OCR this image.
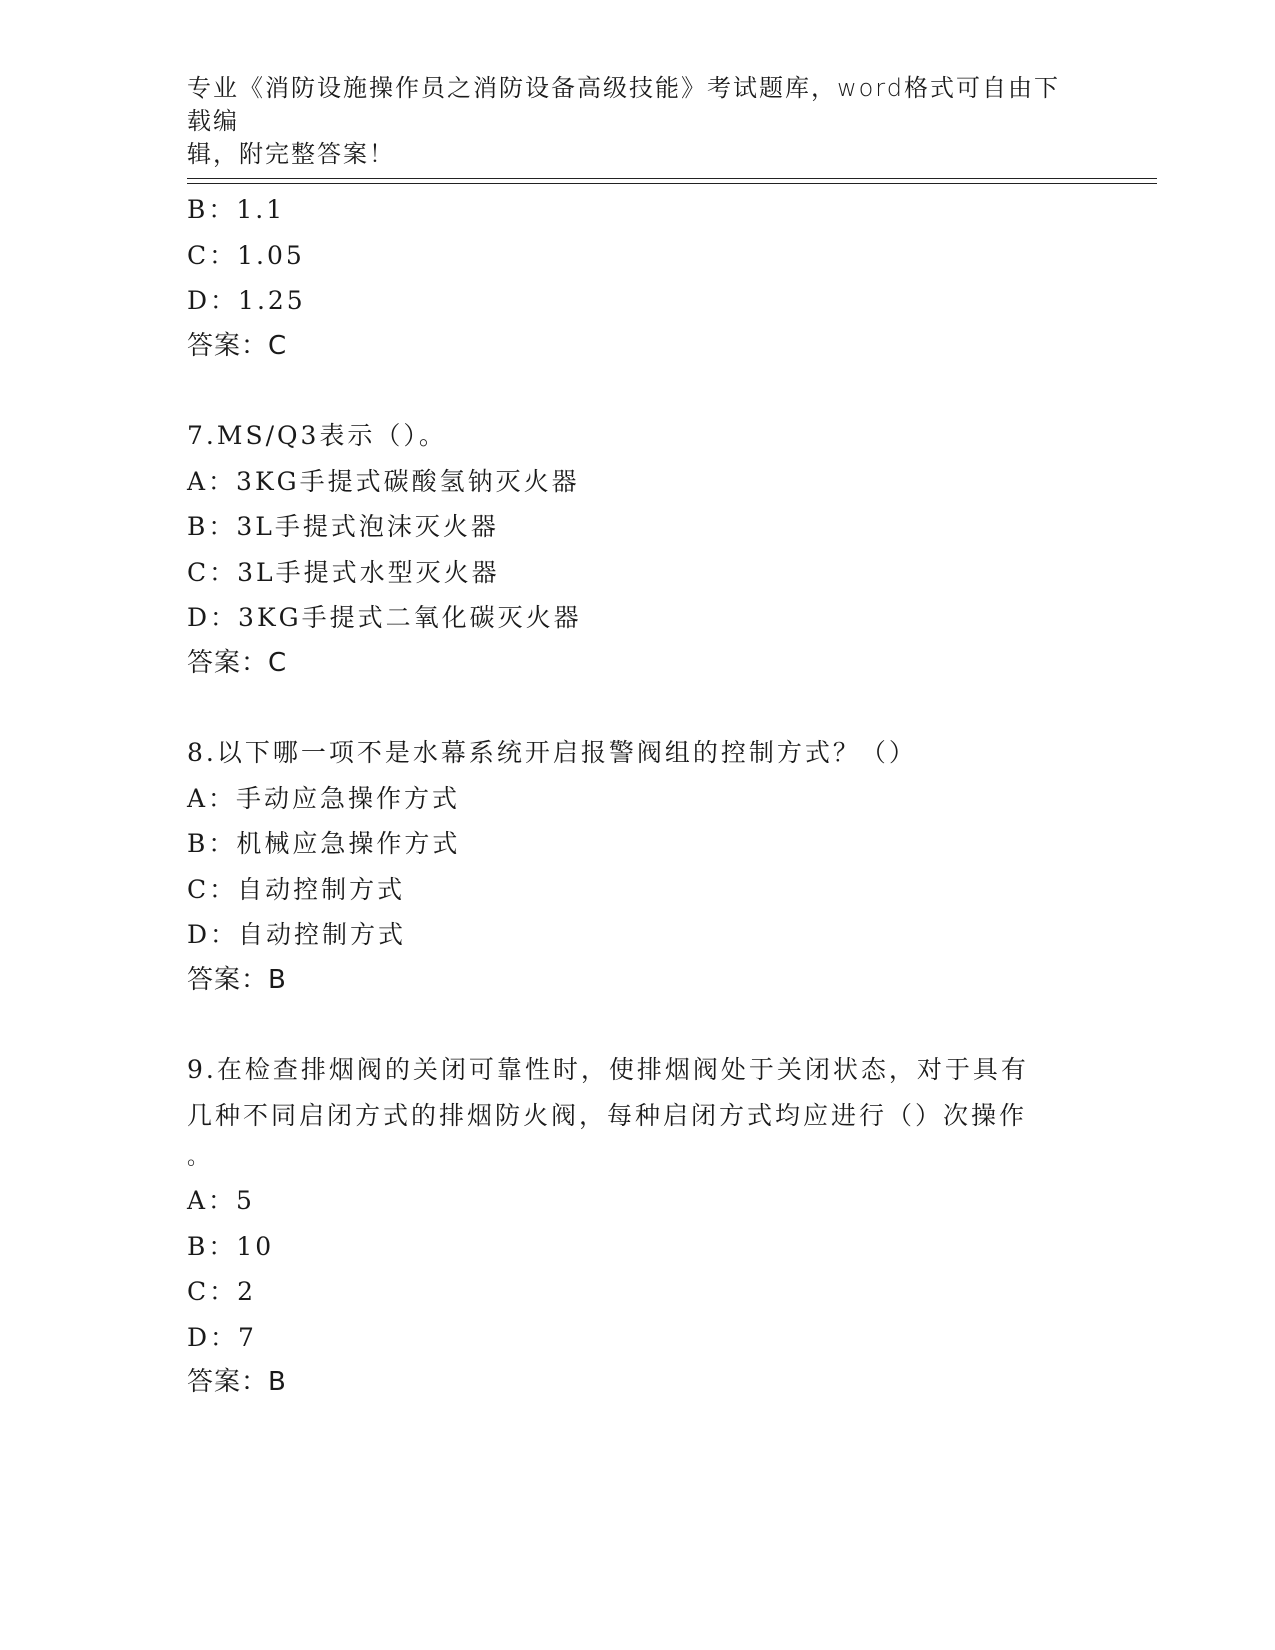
专业《消防设施操作员之消防设备高级技能》考试题库，word格式可自由下载编
辑，附完整答案！
B：1.1
C：1.05
D：1.25
答案：C
7.MS/Q3表示（）。
A：3KG手提式碳酸氢钠灭火器
B：3L手提式泡沫灭火器
C：3L手提式水型灭火器
D：3KG手提式二氧化碳灭火器
答案：C
8.以下哪一项不是水幕系统开启报警阀组的控制方式？（）
A：手动应急操作方式
B：机械应急操作方式
C：自动控制方式
D：自动控制方式
答案：B
9.在检查排烟阀的关闭可靠性时，使排烟阀处于关闭状态，对于具有
几种不同启闭方式的排烟防火阀，每种启闭方式均应进行（）次操作
。
A：5
B：10
C：2
D：7
答案：B
